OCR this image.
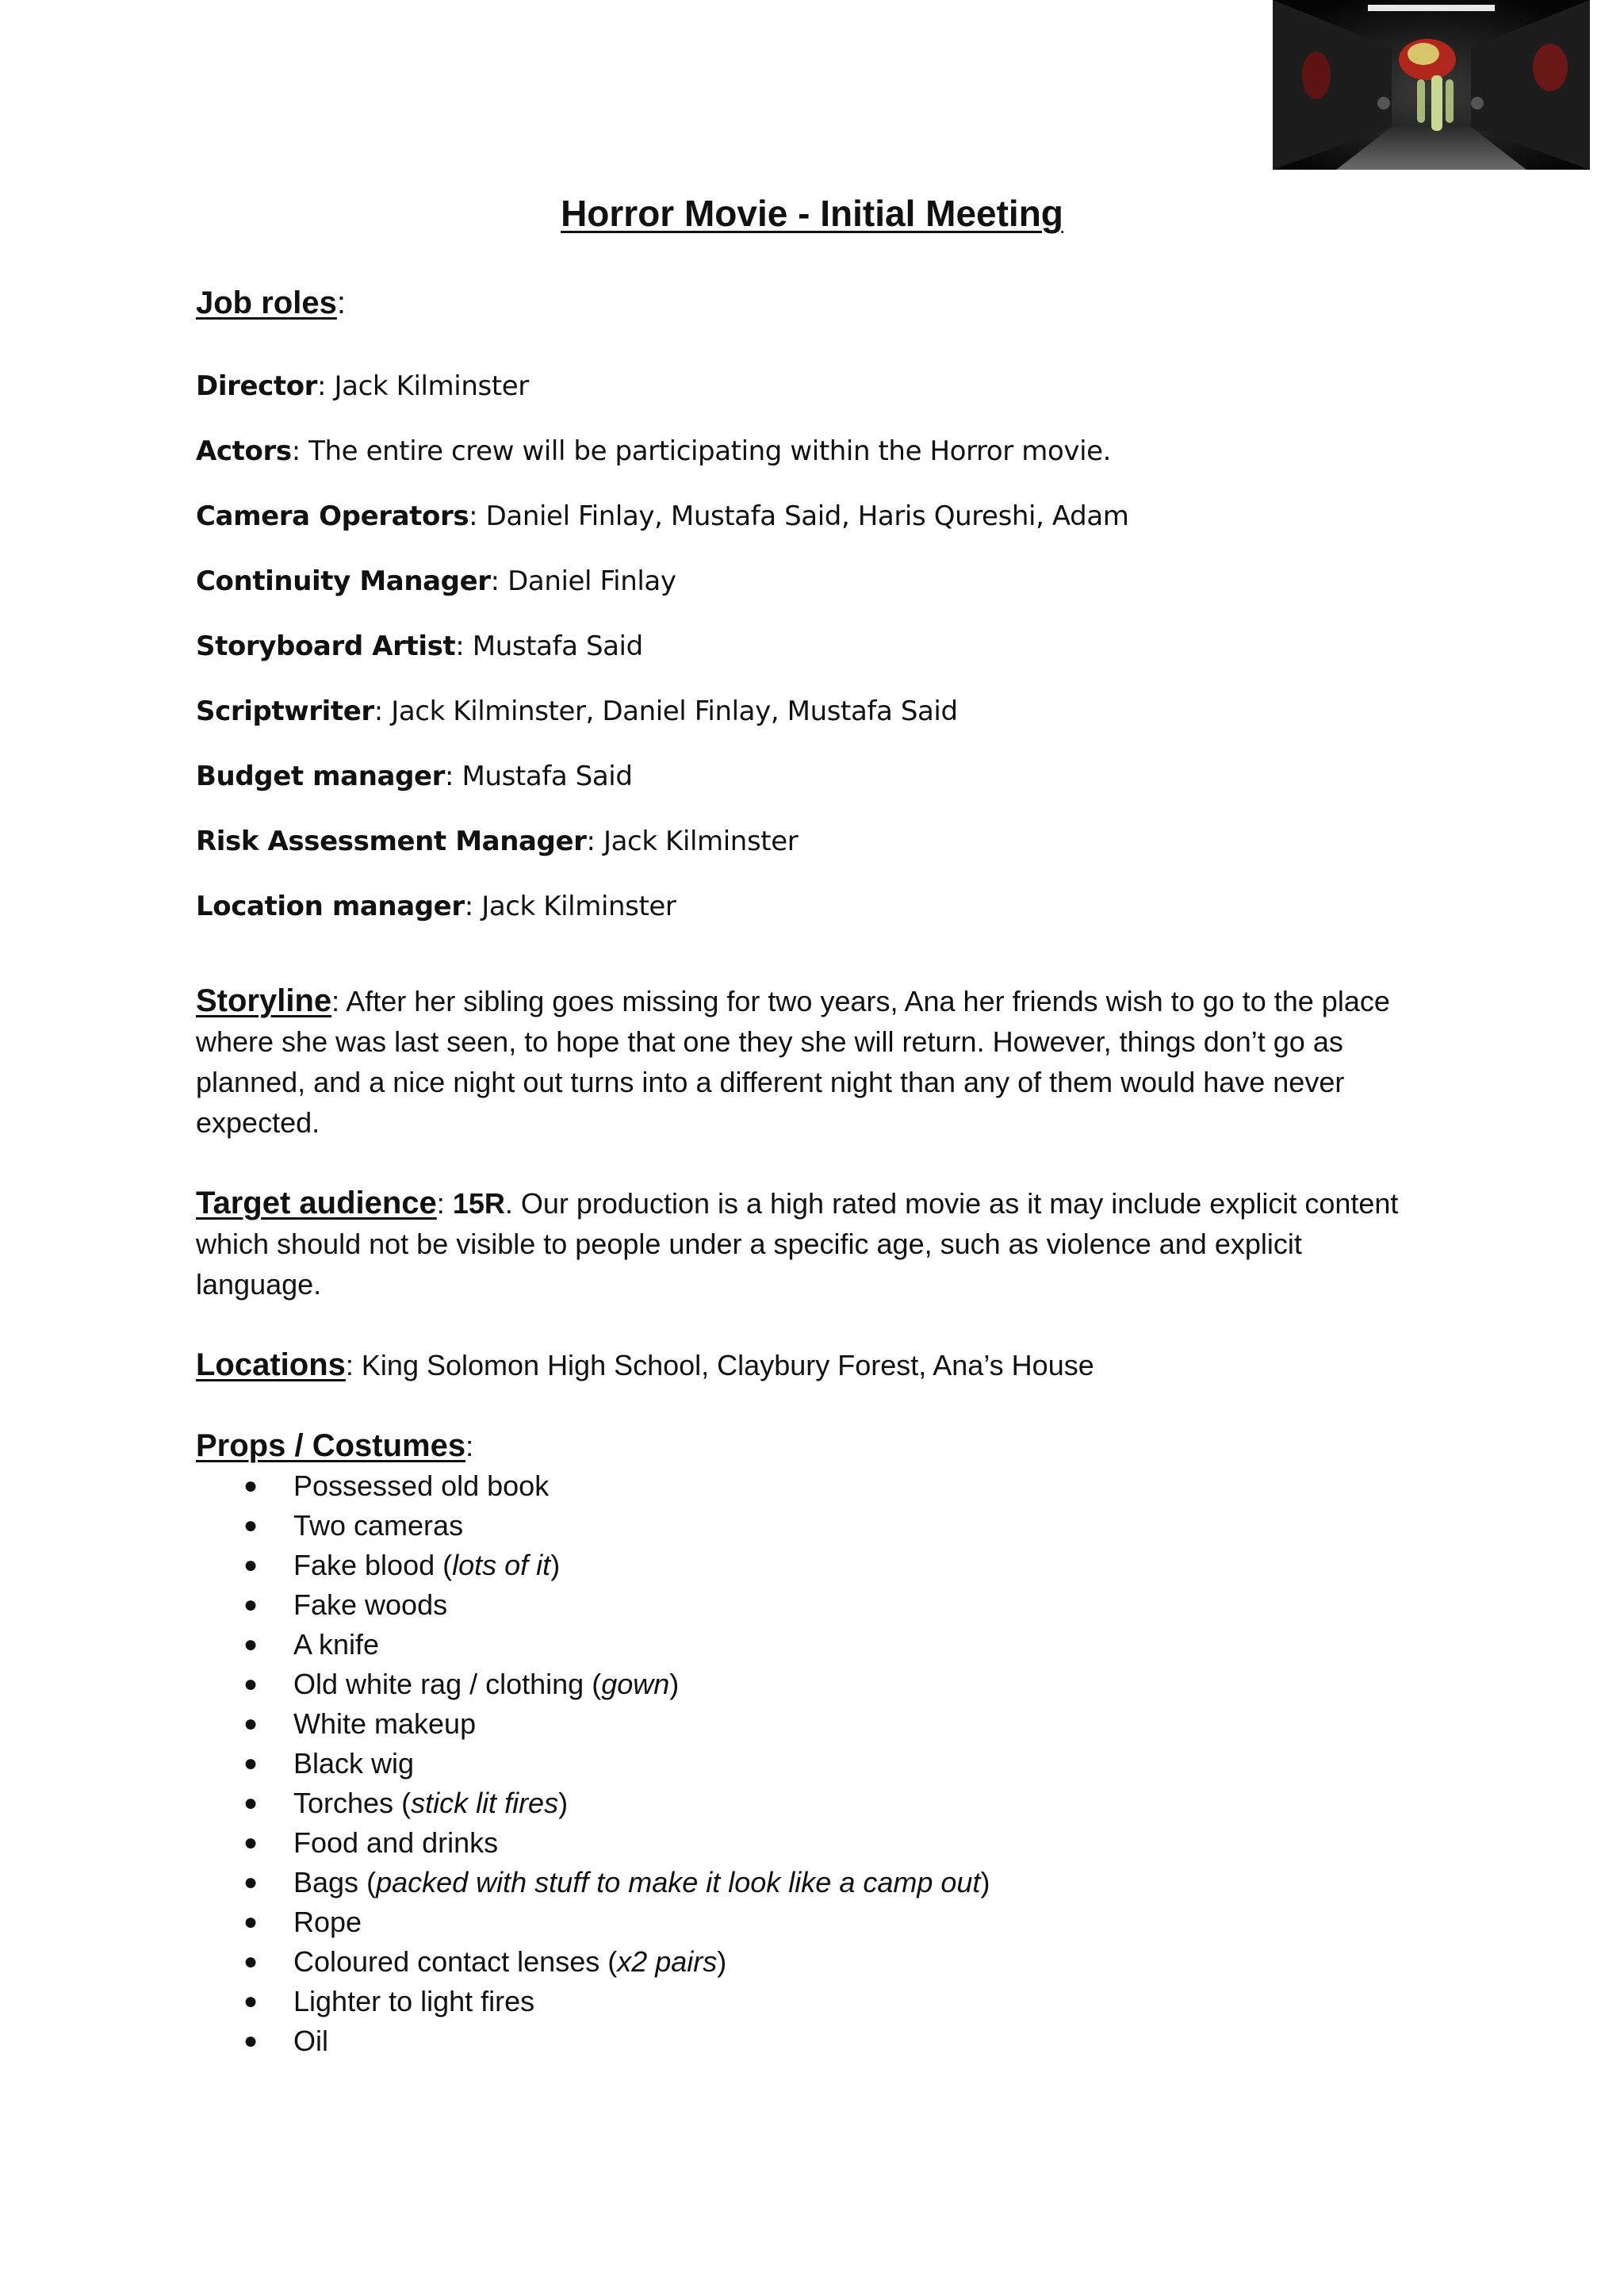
Horror Movie - Initial Meeting
Job roles:
Director: Jack Kilminster
Actors: The entire crew will be participating within the Horror movie.
Camera Operators: Daniel Finlay, Mustafa Said, Haris Qureshi, Adam
Continuity Manager: Daniel Finlay
Storyboard Artist: Mustafa Said
Scriptwriter: Jack Kilminster, Daniel Finlay, Mustafa Said
Budget manager: Mustafa Said
Risk Assessment Manager: Jack Kilminster
Location manager: Jack Kilminster
Storyline: After her sibling goes missing for two years, Ana her friends wish to go to the place where she was last seen, to hope that one they she will return. However, things don’t go as planned, and a nice night out turns into a different night than any of them would have never expected.
Target audience: 15R. Our production is a high rated movie as it may include explicit content which should not be visible to people under a specific age, such as violence and explicit language.
Locations: King Solomon High School, Claybury Forest, Ana’s House
Props / Costumes:
● Possessed old book
● Two cameras
● Fake blood (lots of it)
● Fake woods
● A knife
● Old white rag / clothing (gown)
● White makeup
● Black wig
● Torches (stick lit fires)
● Food and drinks
● Bags (packed with stuff to make it look like a camp out)
● Rope
● Coloured contact lenses (x2 pairs)
● Lighter to light fires
● Oil
